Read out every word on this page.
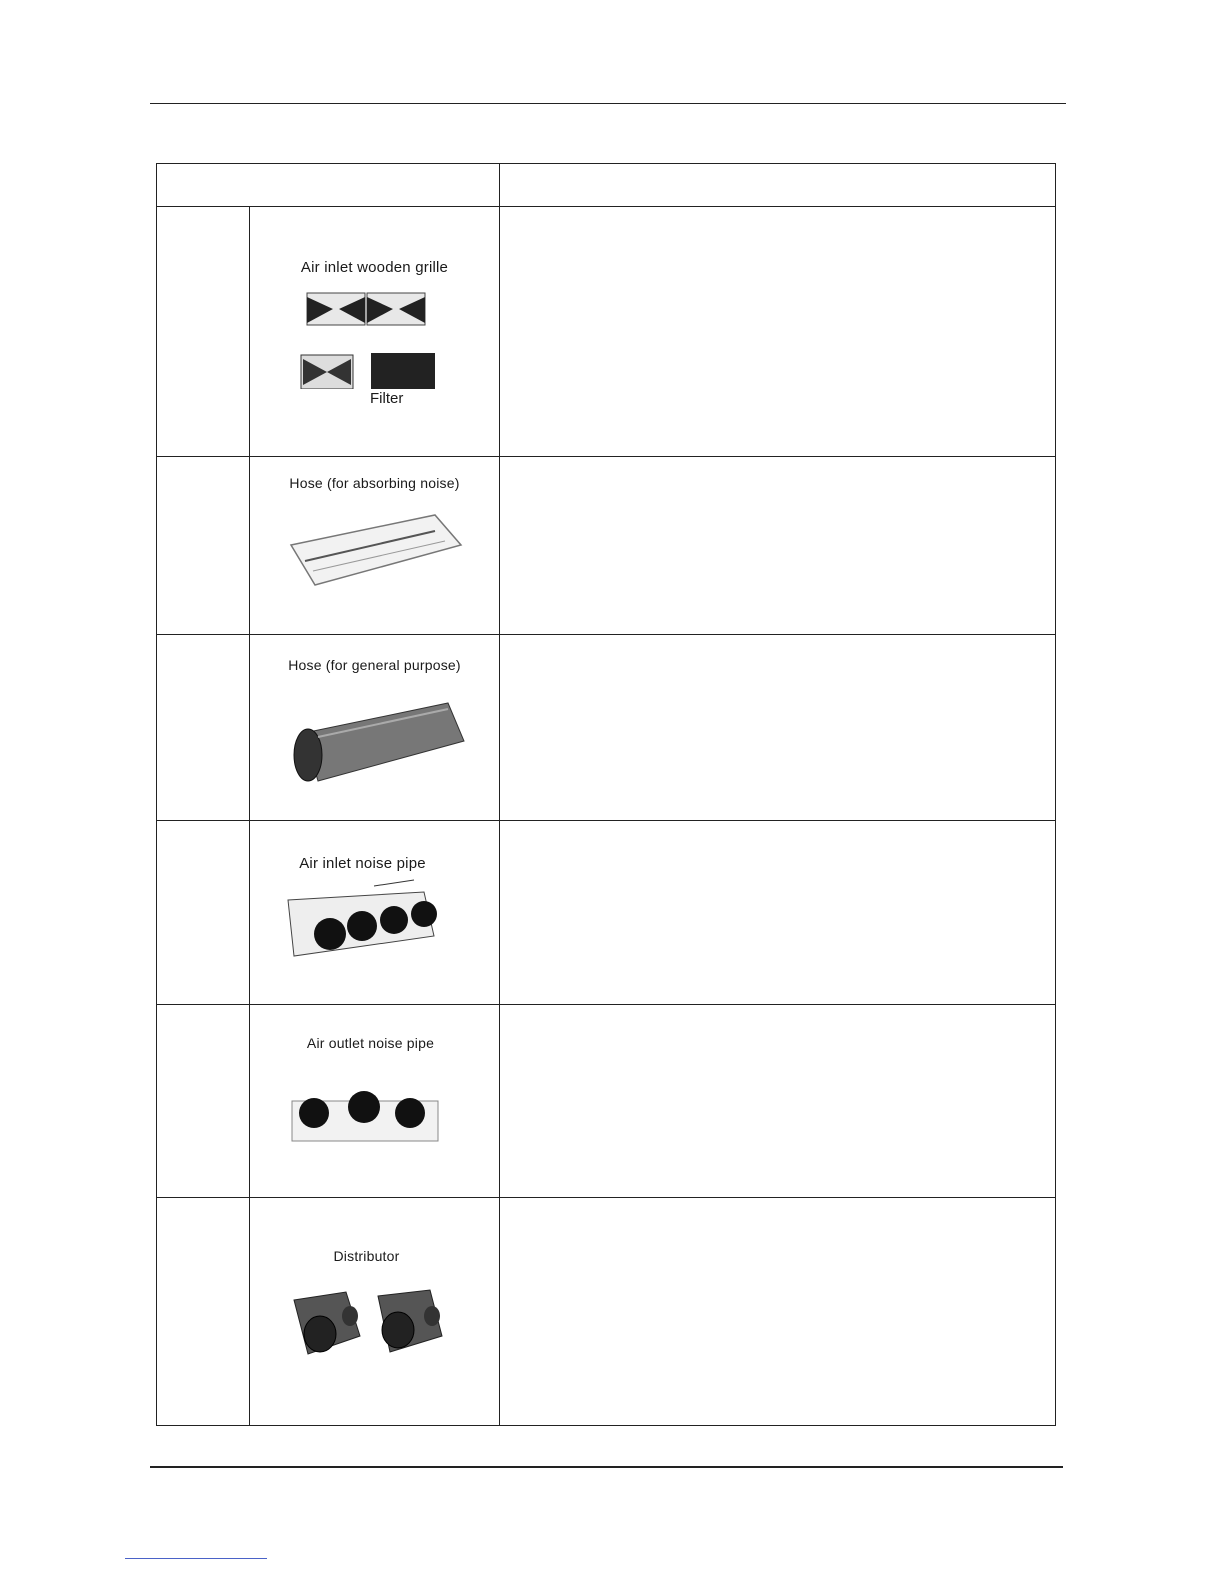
	Air inlet wooden grille
Filter	

	Hose (for absorbing noise)	

	Hose (for general purpose)	

	Air inlet noise pipe	

	Air outlet noise pipe	

	Distributor	
